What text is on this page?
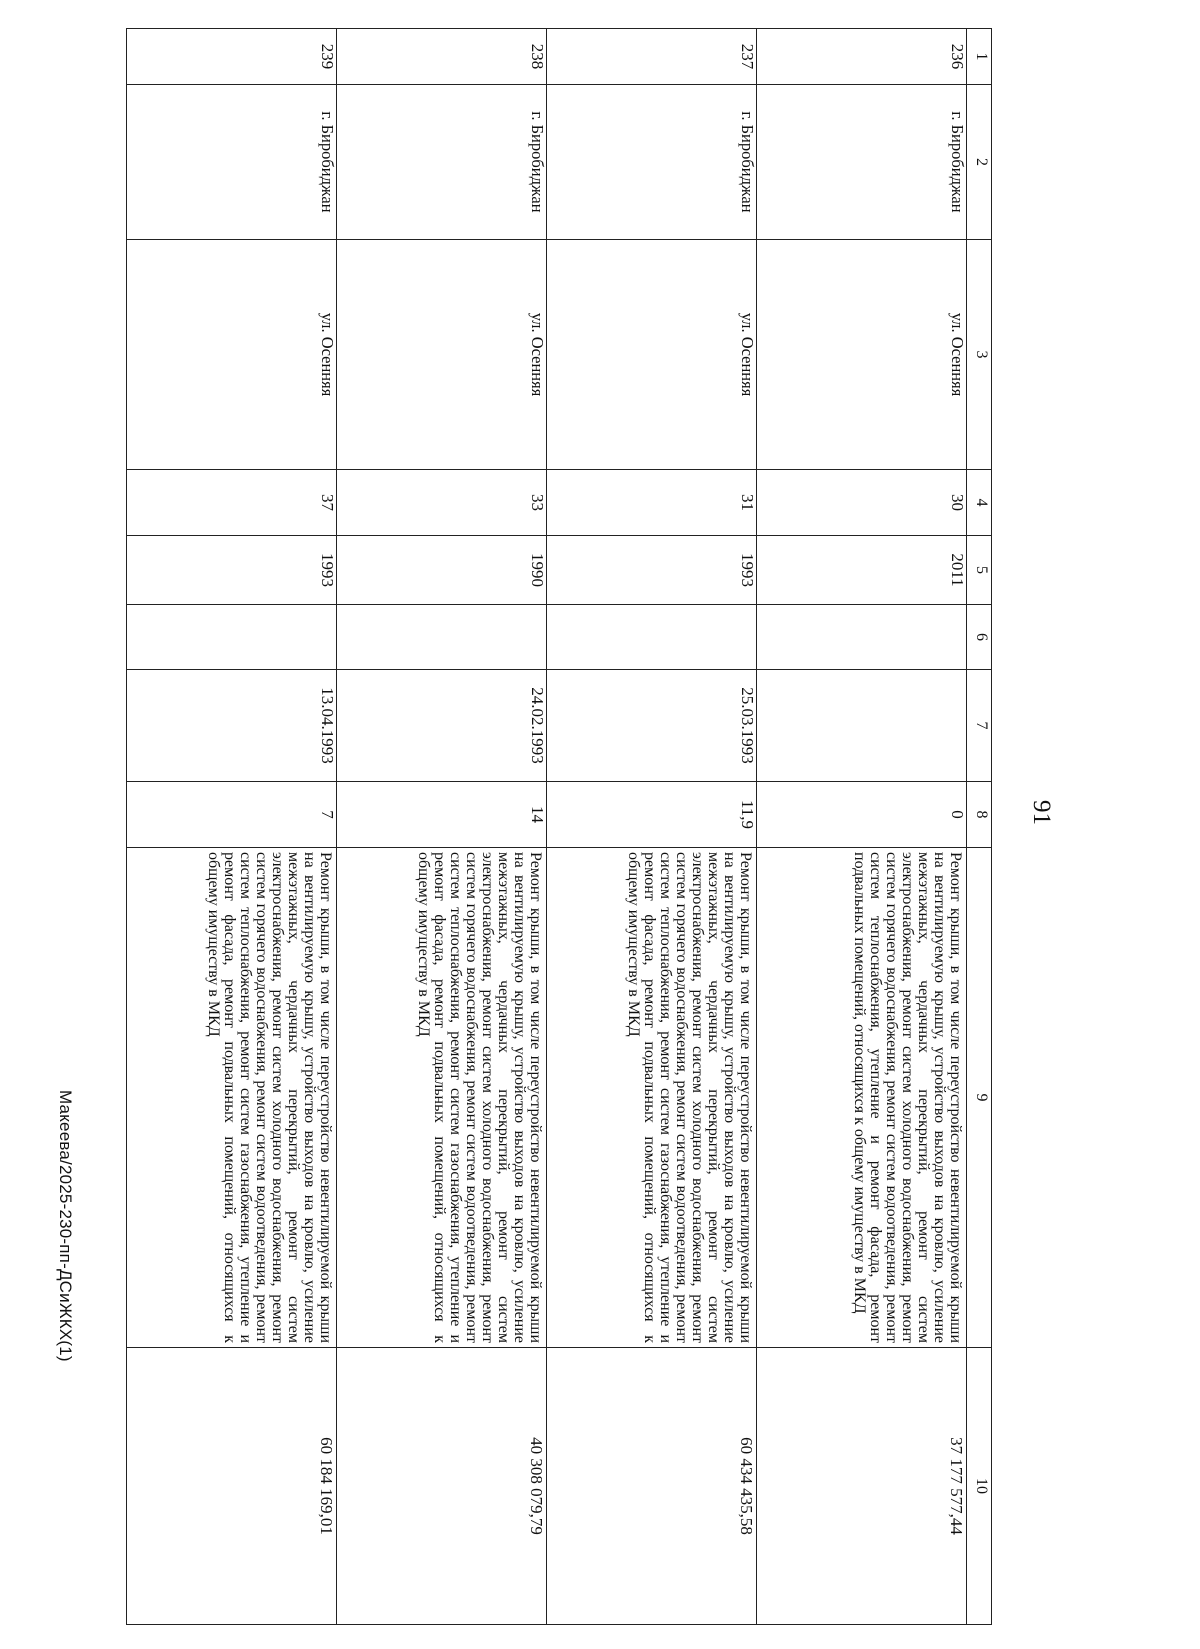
91
1	2	3	4	5	6	7	8	9	10
236	г. Биробиджан	ул. Осенняя	30	2011			0	Ремонт крыши, в том числе переустройство невентилируемой крыши на вентилируемую крышу, устройство выходов на кровлю, усиление межэтажных, чердачных перекрытий, ремонт систем электроснабжения, ремонт систем холодного водоснабжения, ремонт систем горячего водоснабжения, ремонт систем водоотведения, ремонт систем теплоснабжения, утепление и ремонт фасада, ремонт подвальных помещений, относящихся к общему имуществу в МКД	37 177 577,44
237	г. Биробиджан	ул. Осенняя	31	1993		25.03.1993	11,9	Ремонт крыши, в том числе переустройство невентилируемой крыши на вентилируемую крышу, устройство выходов на кровлю, усиление межэтажных, чердачных перекрытий, ремонт систем электроснабжения, ремонт систем холодного водоснабжения, ремонт систем горячего водоснабжения, ремонт систем водоотведения, ремонт систем теплоснабжения, ремонт систем газоснабжения, утепление и ремонт фасада, ремонт подвальных помещений, относящихся к общему имуществу в МКД	60 434 435,58
238	г. Биробиджан	ул. Осенняя	33	1990		24.02.1993	14	Ремонт крыши, в том числе переустройство невентилируемой крыши на вентилируемую крышу, устройство выходов на кровлю, усиление межэтажных, чердачных перекрытий, ремонт систем электроснабжения, ремонт систем холодного водоснабжения, ремонт систем горячего водоснабжения, ремонт систем водоотведения, ремонт систем теплоснабжения, ремонт систем газоснабжения, утепление и ремонт фасада, ремонт подвальных помещений, относящихся к общему имуществу в МКД	40 308 079,79
239	г. Биробиджан	ул. Осенняя	37	1993		13.04.1993	7	Ремонт крыши, в том числе переустройство невентилируемой крыши на вентилируемую крышу, устройство выходов на кровлю, усиление межэтажных, чердачных перекрытий, ремонт систем электроснабжения, ремонт систем холодного водоснабжения, ремонт систем горячего водоснабжения, ремонт систем водоотведения, ремонт систем теплоснабжения, ремонт систем газоснабжения, утепление и ремонт фасада, ремонт подвальных помещений, относящихся к общему имуществу в МКД	60 184 169,01
Макеева/2025-230-пп-ДСиЖКХ(1)
